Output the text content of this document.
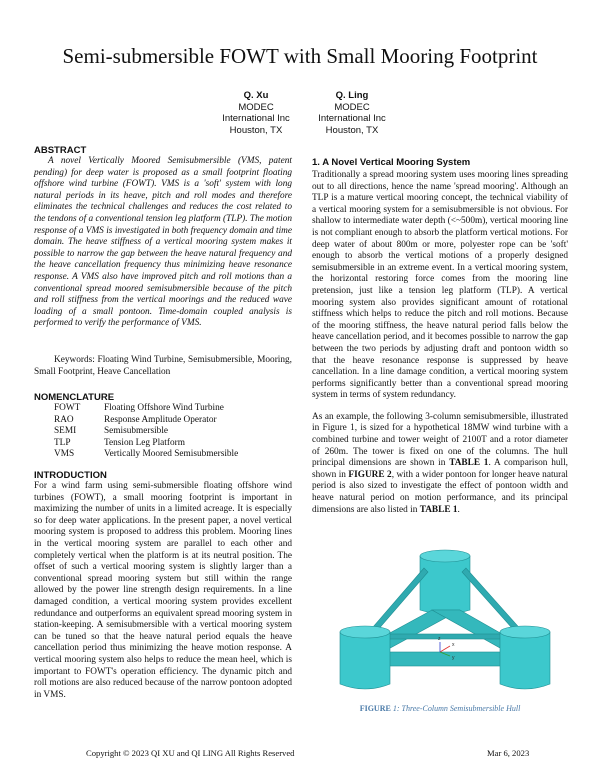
Semi-submersible FOWT with Small Mooring Footprint
Q. Xu
MODEC
International Inc
Houston, TX
Q. Ling
MODEC
International Inc
Houston, TX

ABSTRACT

A novel Vertically Moored Semisubmersible (VMS, patent pending) for deep water is proposed as a small footprint floating offshore wind turbine (FOWT). VMS is a 'soft' system with long natural periods in its heave, pitch and roll modes and therefore eliminates the technical challenges and reduces the cost related to the tendons of a conventional tension leg platform (TLP). The motion response of a VMS is investigated in both frequency domain and time domain. The heave stiffness of a vertical mooring system makes it possible to narrow the gap between the heave natural frequency and the heave cancellation frequency thus minimizing heave resonance response. A VMS also have improved pitch and roll motions than a conventional spread moored semisubmersible because of the pitch and roll stiffness from the vertical moorings and the reduced wave loading of a small pontoon. Time-domain coupled analysis is performed to verify the performance of VMS.

Keywords: Floating Wind Turbine, Semisubmersible, Mooring, Small Footprint, Heave Cancellation

NOMENCLATURE

FOWT	Floating Offshore Wind Turbine
RAO	Response Amplitude Operator
SEMI	Semisubmersible
TLP	Tension Leg Platform
VMS	Vertically Moored Semisubmersible

INTRODUCTION

For a wind farm using semi-submersible floating offshore wind turbines (FOWT), a small mooring footprint is important in maximizing the number of units in a limited acreage. It is especially so for deep water applications. In the present paper, a novel vertical mooring system is proposed to address this problem. Mooring lines in the vertical mooring system are parallel to each other and completely vertical when the platform is at its neutral position. The offset of such a vertical mooring system is slightly larger than a conventional spread mooring system but still within the range allowed by the power line strength design requirements. In a line damaged condition, a vertical mooring system provides excellent redundance and outperforms an equivalent spread mooring system in station-keeping. A semisubmersible with a vertical mooring system can be tuned so that the heave natural period equals the heave cancellation period thus minimizing the heave motion response. A vertical mooring system also helps to reduce the mean heel, which is important to FOWT's operation efficiency. The dynamic pitch and roll motions are also reduced because of the narrow pontoon adopted in VMS.

1. A Novel Vertical Mooring System

Traditionally a spread mooring system uses mooring lines spreading out to all directions, hence the name 'spread mooring'. Although an TLP is a mature vertical mooring concept, the technical viability of a vertical mooring system for a semisubmersible is not obvious. For shallow to intermediate water depth (<~500m), vertical mooring line is not compliant enough to absorb the platform vertical motions. For deep water of about 800m or more, polyester rope can be 'soft' enough to absorb the vertical motions of a properly designed semisubmersible in an extreme event. In a vertical mooring system, the horizontal restoring force comes from the mooring line pretension, just like a tension leg platform (TLP). A vertical mooring system also provides significant amount of rotational stiffness which helps to reduce the pitch and roll motions. Because of the mooring stiffness, the heave natural period falls below the heave cancellation period, and it becomes possible to narrow the gap between the two periods by adjusting draft and pontoon width so that the heave resonance response is suppressed by heave cancellation. In a line damage condition, a vertical mooring system performs significantly better than a conventional spread mooring system in terms of system redundancy.

As an example, the following 3-column semisubmersible, illustrated in Figure 1, is sized for a hypothetical 18MW wind turbine with a combined turbine and tower weight of 2100T and a rotor diameter of 260m. The tower is fixed on one of the columns. The hull principal dimensions are shown in TABLE 1. A comparison hull, shown in FIGURE 2, with a wider pontoon for longer heave natural period is also sized to investigate the effect of pontoon width and heave natural period on motion performance, and its principal dimensions are also listed in TABLE 1.

x
y
z
FIGURE 1: Three-Column Semisubmersible Hull
Copyright © 2023 QI XU and QI LING All Rights Reserved	Mar 6, 2023
